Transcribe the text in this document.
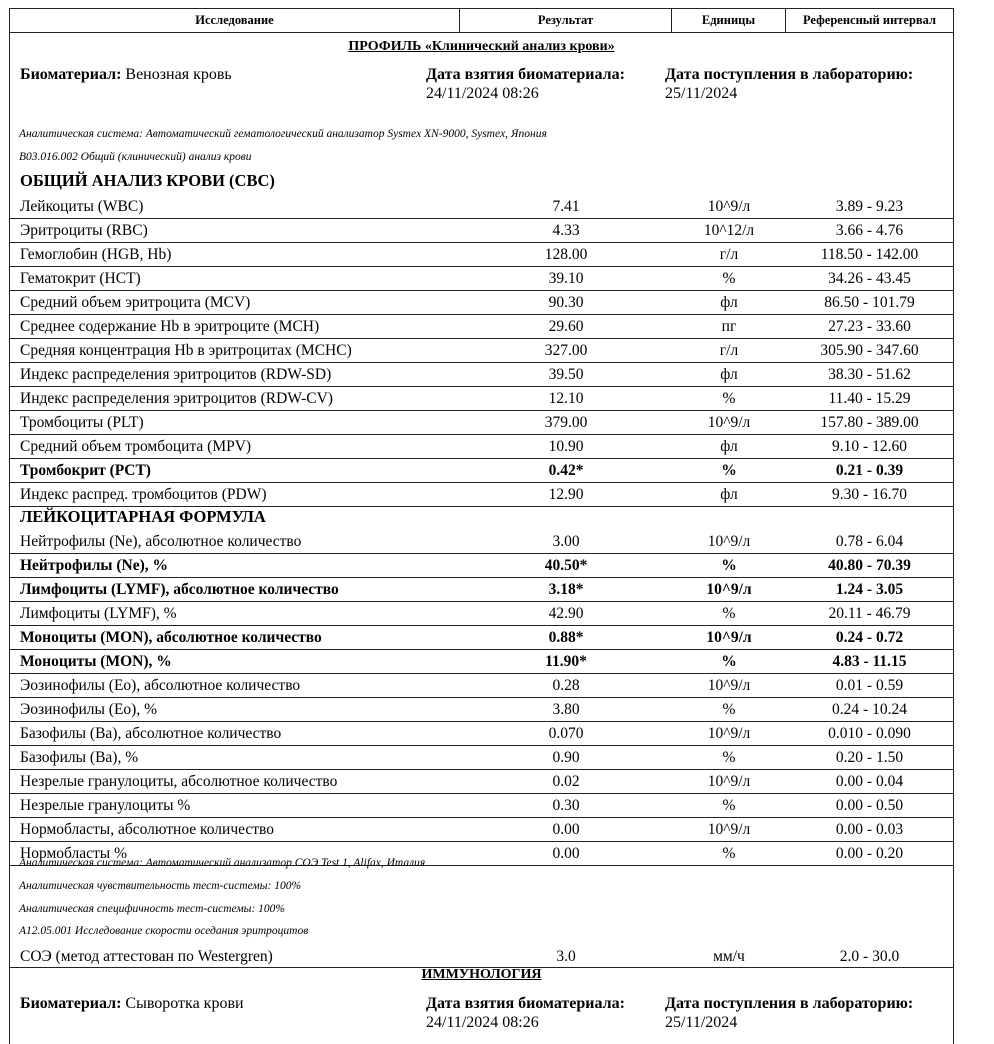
Исследование	Результат	Единицы	Референсный интервал
ПРОФИЛЬ «Клинический анализ крови»
Биоматериал: Венозная кровь	Дата взятия биоматериала:
24/11/2024 08:26
Дата поступления в лабораторию:
25/11/2024
Аналитическая система: Автоматический гематологический анализатор Sysmex XN-9000, Sysmex, Япония
B03.016.002 Общий (клинический) анализ крови
ОБЩИЙ АНАЛИЗ КРОВИ (CBC)
Лейкоциты (WBC)	7.41	10^9/л	3.89 - 9.23
Эритроциты (RBC)	4.33	10^12/л	3.66 - 4.76
Гемоглобин (HGB, Hb)	128.00	г/л	118.50 - 142.00
Гематокрит (HCT)	39.10	%	34.26 - 43.45
Средний объем эритроцита (MCV)	90.30	фл	86.50 - 101.79
Среднее содержание Hb в эритроците (MCH)	29.60	пг	27.23 - 33.60
Средняя концентрация Hb в эритроцитах (MCHC)	327.00	г/л	305.90 - 347.60
Индекс распределения эритроцитов (RDW-SD)	39.50	фл	38.30 - 51.62
Индекс распределения эритроцитов (RDW-CV)	12.10	%	11.40 - 15.29
Тромбоциты (PLT)	379.00	10^9/л	157.80 - 389.00
Средний объем тромбоцита (MPV)	10.90	фл	9.10 - 12.60
Тромбокрит (PCT)	0.42*	%	0.21 - 0.39
Индекс распред. тромбоцитов (PDW)	12.90	фл	9.30 - 16.70
ЛЕЙКОЦИТАРНАЯ ФОРМУЛА
Нейтрофилы (Ne), абсолютное количество	3.00	10^9/л	0.78 - 6.04
Нейтрофилы (Ne), %	40.50*	%	40.80 - 70.39
Лимфоциты (LYMF), абсолютное количество	3.18*	10^9/л	1.24 - 3.05
Лимфоциты (LYMF), %	42.90	%	20.11 - 46.79
Моноциты (MON), абсолютное количество	0.88*	10^9/л	0.24 - 0.72
Моноциты (MON), %	11.90*	%	4.83 - 11.15
Эозинофилы (Eo), абсолютное количество	0.28	10^9/л	0.01 - 0.59
Эозинофилы (Eo), %	3.80	%	0.24 - 10.24
Базофилы (Ba), абсолютное количество	0.070	10^9/л	0.010 - 0.090
Базофилы (Ba), %	0.90	%	0.20 - 1.50
Незрелые гранулоциты, абсолютное количество	0.02	10^9/л	0.00 - 0.04
Незрелые гранулоциты %	0.30	%	0.00 - 0.50
Нормобласты, абсолютное количество	0.00	10^9/л	0.00 - 0.03
Нормобласты %	0.00	%	0.00 - 0.20
Аналитическая система: Автоматический анализатор СОЭ Test 1, Alifax, Италия
Аналитическая чувствительность тест-системы: 100%
Аналитическая специфичность тест-системы: 100%
A12.05.001 Исследование скорости оседания эритроцитов
СОЭ (метод аттестован по Westergren)	3.0	мм/ч	2.0 - 30.0
ИММУНОЛОГИЯ
Биоматериал: Сыворотка крови	Дата взятия биоматериала:
24/11/2024 08:26
Дата поступления в лабораторию:
25/11/2024
